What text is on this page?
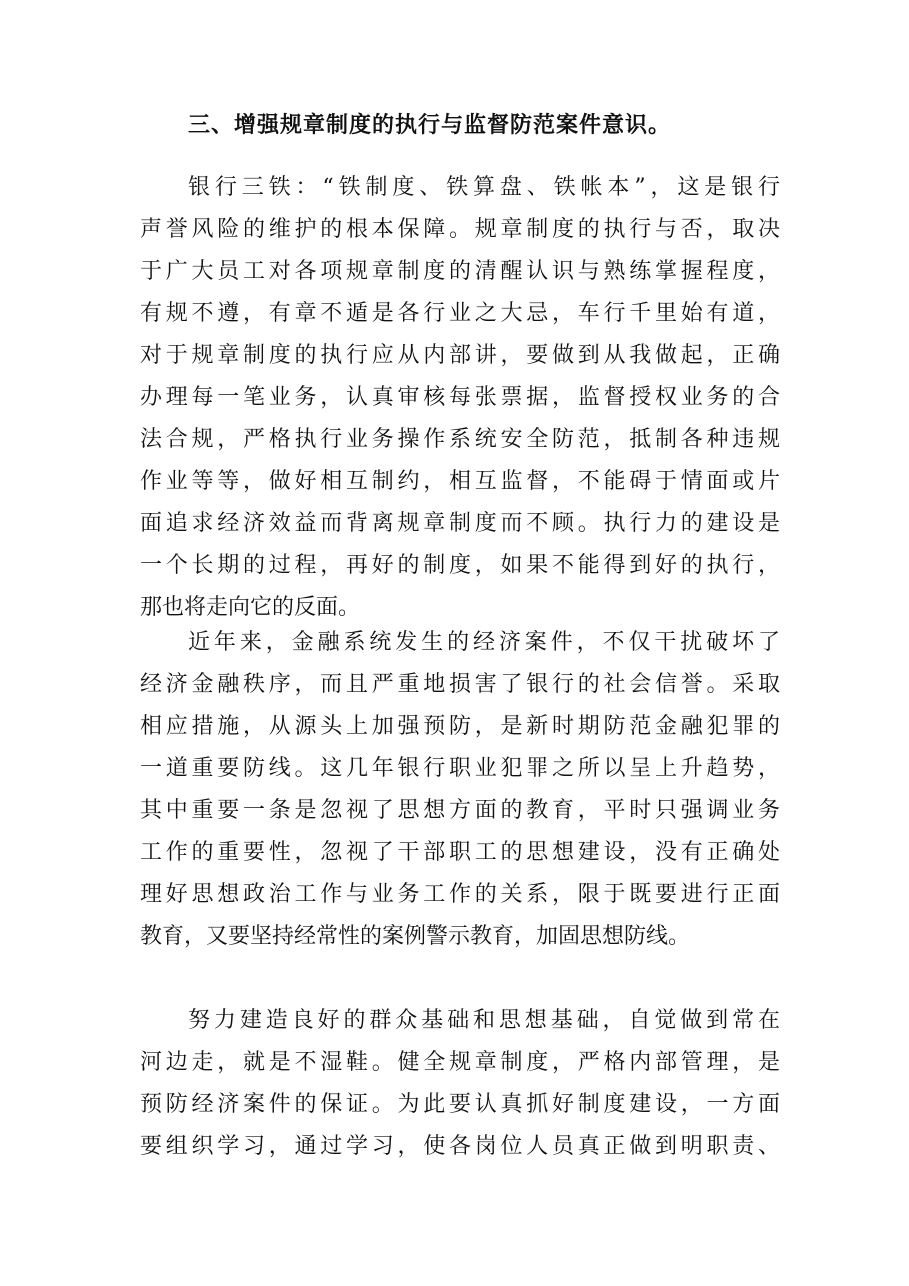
三、增强规章制度的执行与监督防范案件意识。
银行三铁：“铁制度、铁算盘、铁帐本”，这是银行
声誉风险的维护的根本保障。规章制度的执行与否，取决
于广大员工对各项规章制度的清醒认识与熟练掌握程度，
有规不遵，有章不遁是各行业之大忌，车行千里始有道，
对于规章制度的执行应从内部讲，要做到从我做起，正确
办理每一笔业务，认真审核每张票据，监督授权业务的合
法合规，严格执行业务操作系统安全防范，抵制各种违规
作业等等，做好相互制约，相互监督，不能碍于情面或片
面追求经济效益而背离规章制度而不顾。执行力的建设是
一个长期的过程，再好的制度，如果不能得到好的执行，
那也将走向它的反面。
近年来，金融系统发生的经济案件，不仅干扰破坏了
经济金融秩序，而且严重地损害了银行的社会信誉。采取
相应措施，从源头上加强预防，是新时期防范金融犯罪的
一道重要防线。这几年银行职业犯罪之所以呈上升趋势，
其中重要一条是忽视了思想方面的教育，平时只强调业务
工作的重要性，忽视了干部职工的思想建设，没有正确处
理好思想政治工作与业务工作的关系，限于既要进行正面
教育，又要坚持经常性的案例警示教育，加固思想防线。
努力建造良好的群众基础和思想基础，自觉做到常在
河边走，就是不湿鞋。健全规章制度，严格内部管理，是
预防经济案件的保证。为此要认真抓好制度建设，一方面
要组织学习，通过学习，使各岗位人员真正做到明职责、
